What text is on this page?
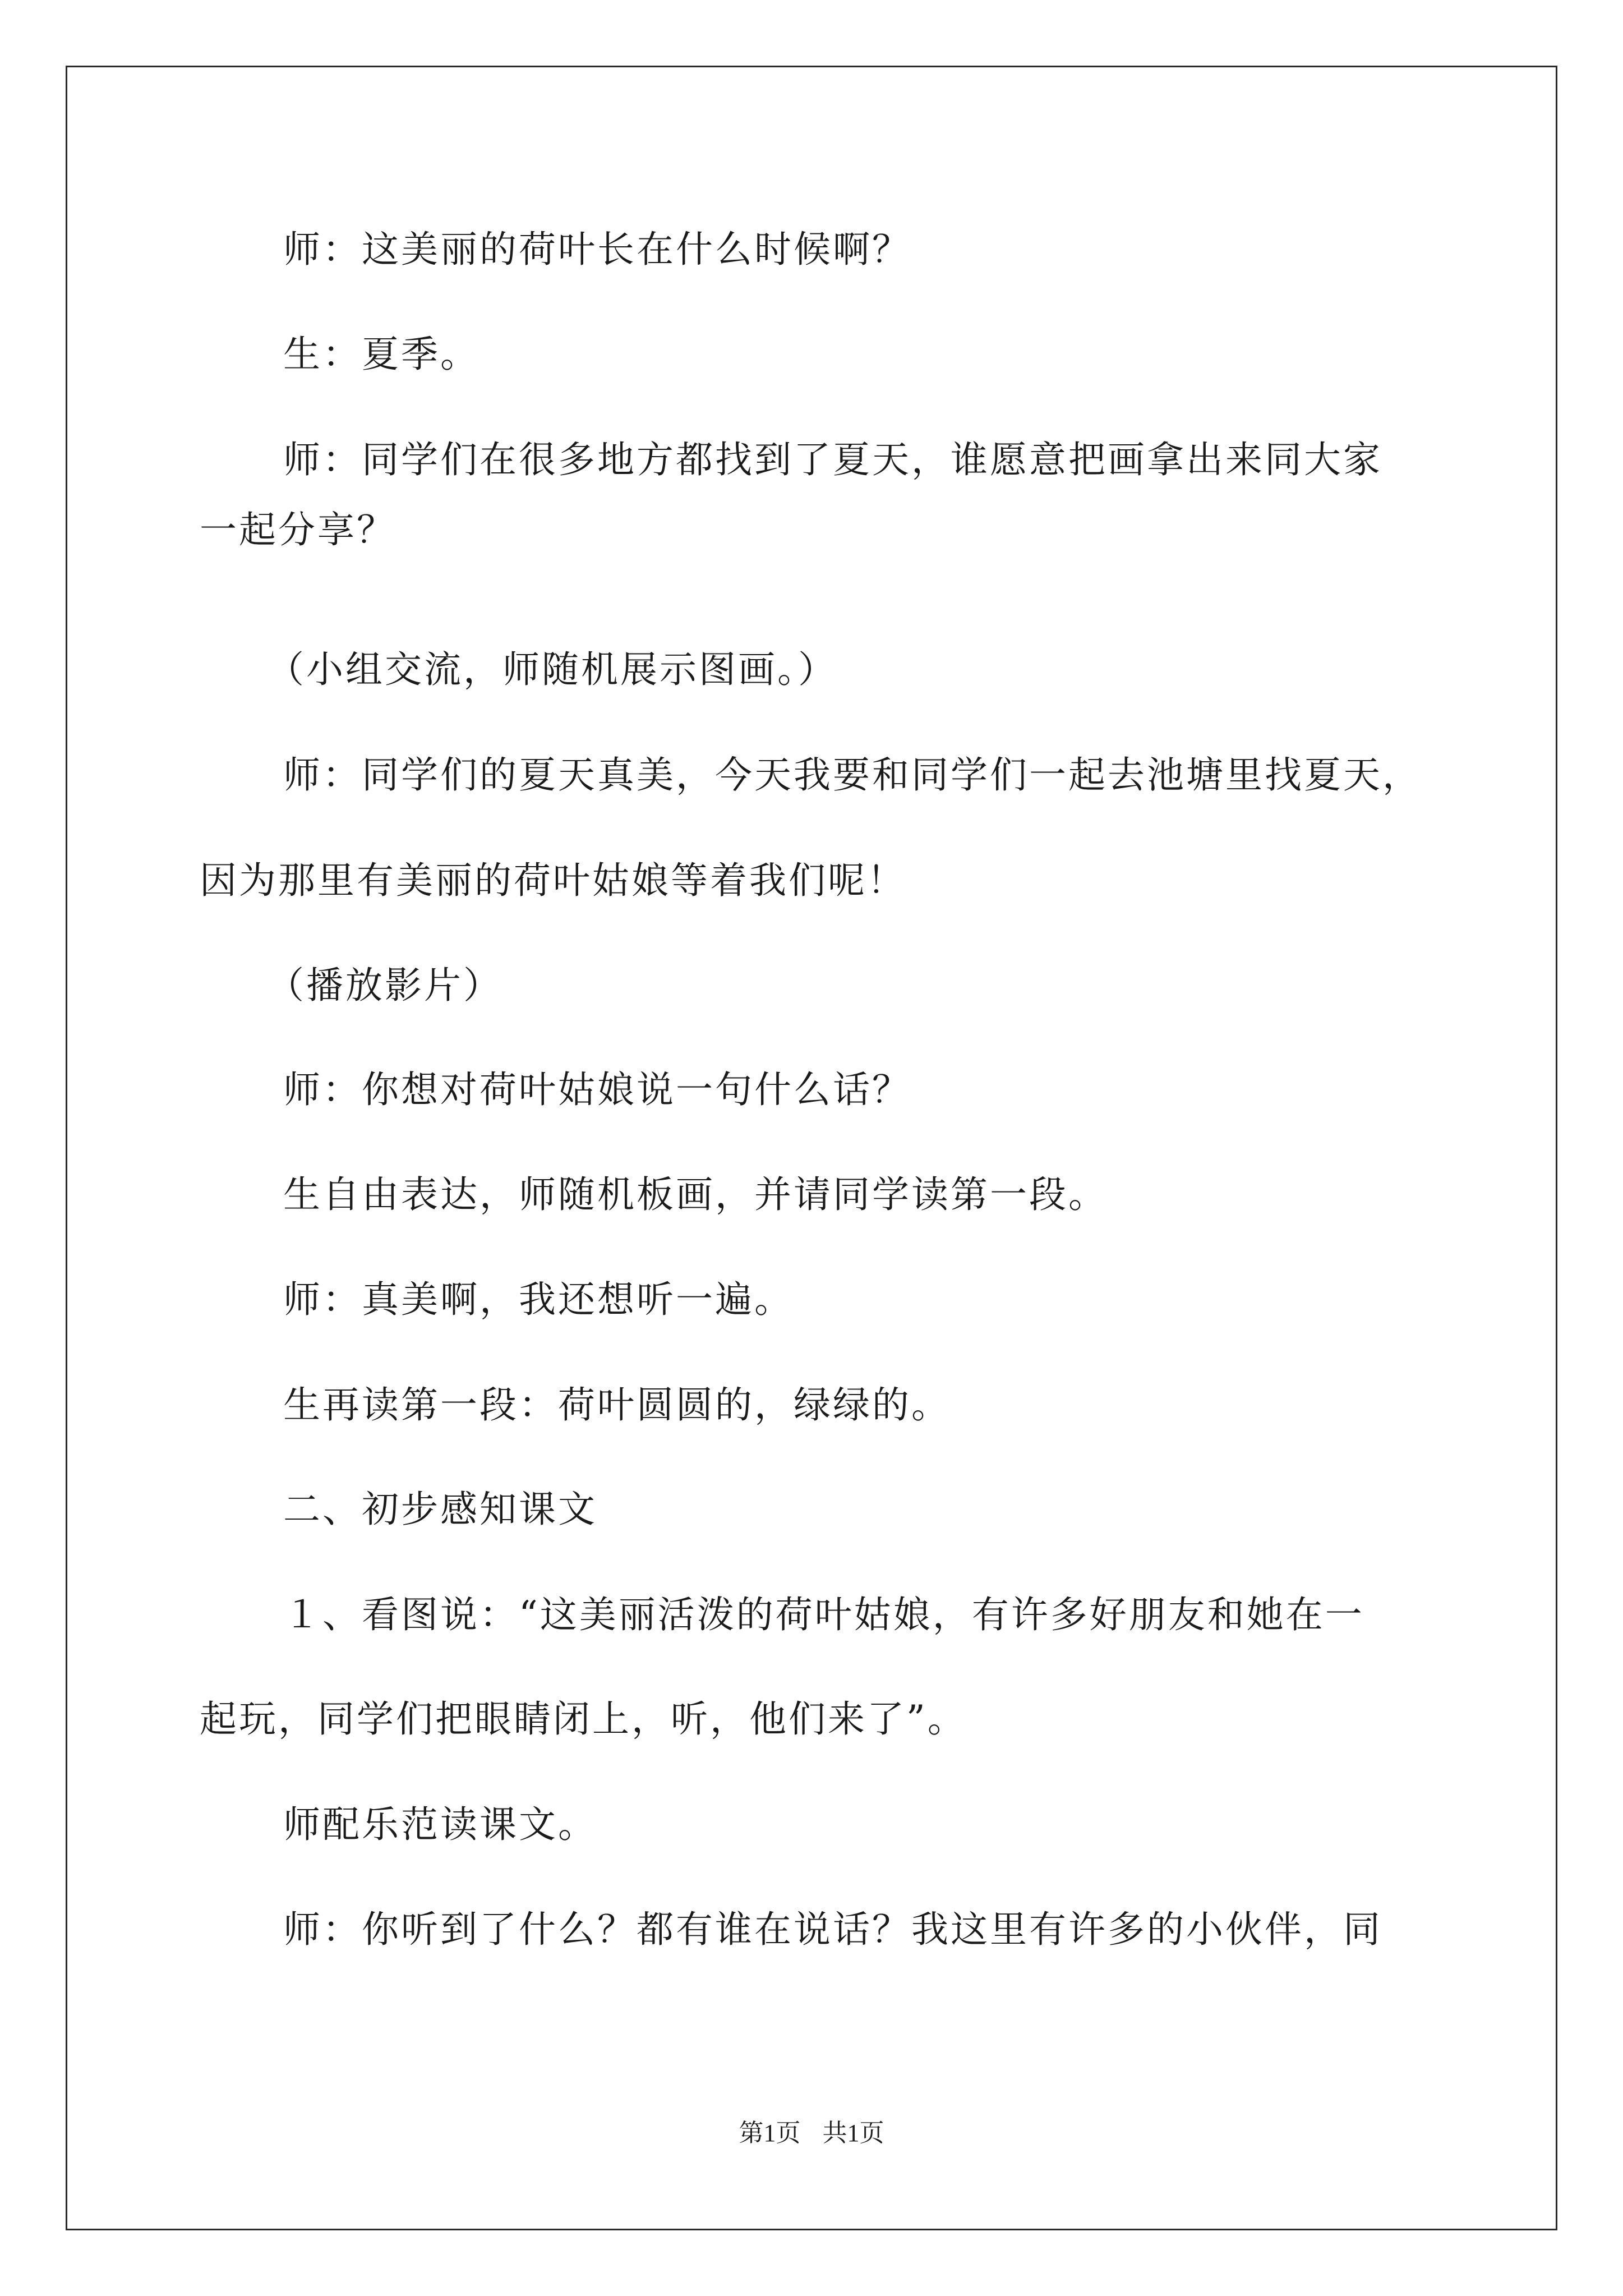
师：这美丽的荷叶长在什么时候啊？
生：夏季。
师：同学们在很多地方都找到了夏天，谁愿意把画拿出来同大家
一起分享？
（小组交流，师随机展示图画。）
师：同学们的夏天真美，今天我要和同学们一起去池塘里找夏天，
因为那里有美丽的荷叶姑娘等着我们呢！
（播放影片）
师：你想对荷叶姑娘说一句什么话？
生自由表达，师随机板画，并请同学读第一段。
师：真美啊，我还想听一遍。
生再读第一段：荷叶圆圆的，绿绿的。
二、初步感知课文
１、看图说：“这美丽活泼的荷叶姑娘，有许多好朋友和她在一
起玩，同学们把眼睛闭上，听，他们来了”。
师配乐范读课文。
师：你听到了什么？都有谁在说话？我这里有许多的小伙伴，同
第1页 共1页
